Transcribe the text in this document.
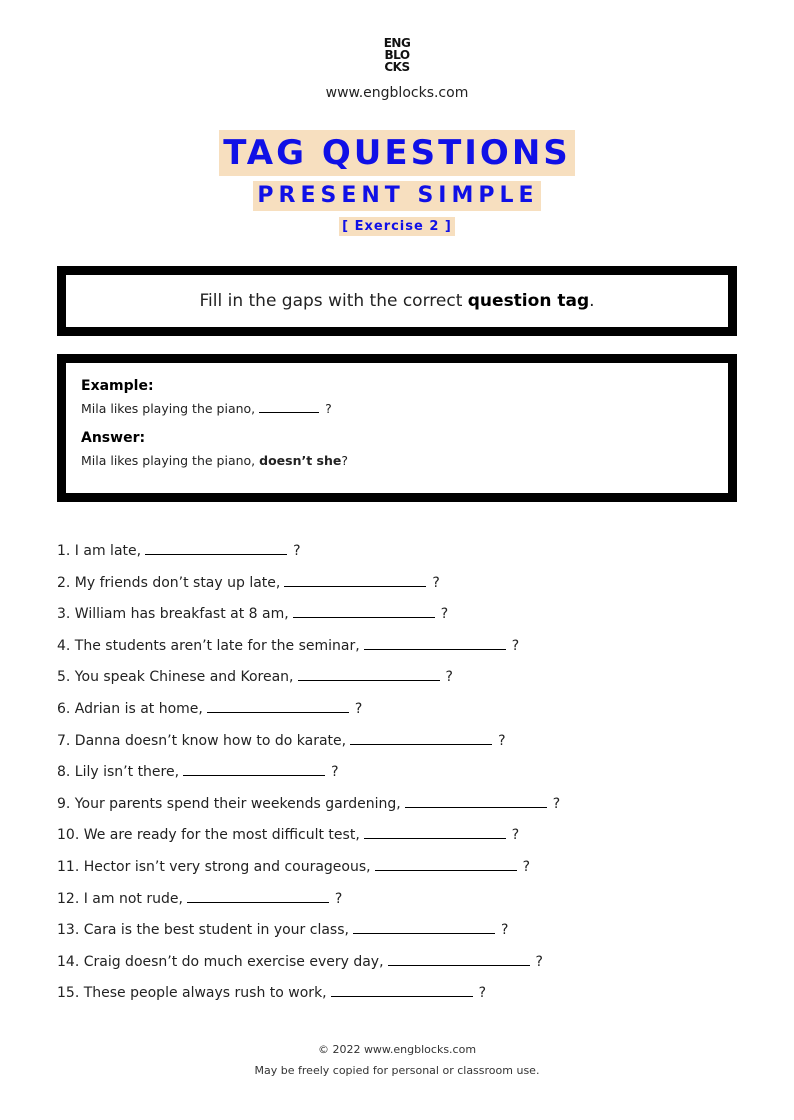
ENG
BLO
CKS
www.engblocks.com
TAG QUESTIONS
PRESENT SIMPLE
[ Exercise 2 ]
Fill in the gaps with the correct question tag.

Example:

Mila likes playing the piano,	?

Answer:

Mila likes playing the piano, doesn’t she?
1. I am late,	?
2. My friends don’t stay up late,	?
3. William has breakfast at 8 am,	?
4. The students aren’t late for the seminar,	?
5. You speak Chinese and Korean,	?
6. Adrian is at home,	?
7. Danna doesn’t know how to do karate,	?
8. Lily isn’t there,	?
9. Your parents spend their weekends gardening,	?
10. We are ready for the most difficult test,	?
11. Hector isn’t very strong and courageous,	?
12. I am not rude,	?
13. Cara is the best student in your class,	?
14. Craig doesn’t do much exercise every day,	?
15. These people always rush to work,	?
© 2022 www.engblocks.com
May be freely copied for personal or classroom use.
